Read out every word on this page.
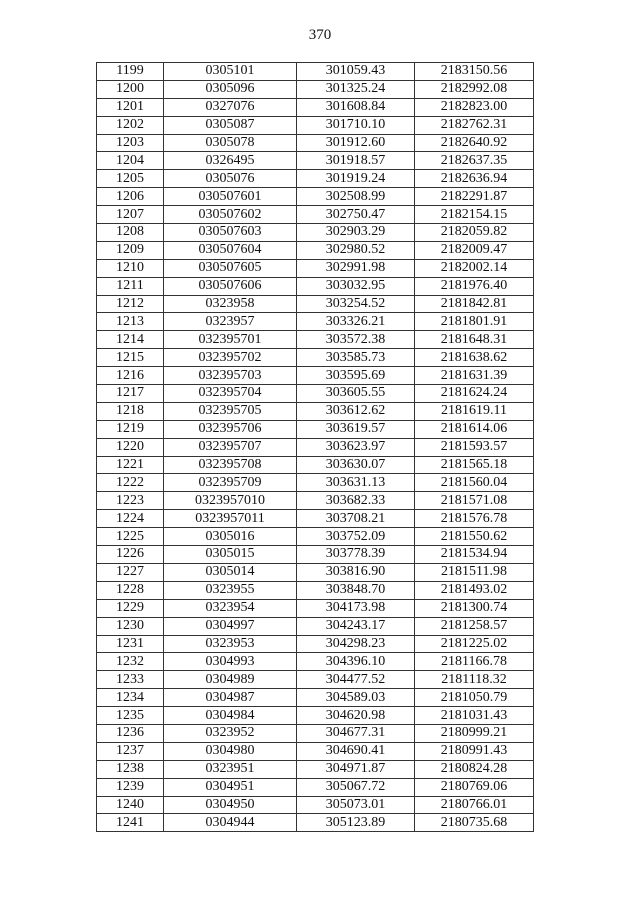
370
1199	0305101	301059.43	2183150.56
1200	0305096	301325.24	2182992.08
1201	0327076	301608.84	2182823.00
1202	0305087	301710.10	2182762.31
1203	0305078	301912.60	2182640.92
1204	0326495	301918.57	2182637.35
1205	0305076	301919.24	2182636.94
1206	030507601	302508.99	2182291.87
1207	030507602	302750.47	2182154.15
1208	030507603	302903.29	2182059.82
1209	030507604	302980.52	2182009.47
1210	030507605	302991.98	2182002.14
1211	030507606	303032.95	2181976.40
1212	0323958	303254.52	2181842.81
1213	0323957	303326.21	2181801.91
1214	032395701	303572.38	2181648.31
1215	032395702	303585.73	2181638.62
1216	032395703	303595.69	2181631.39
1217	032395704	303605.55	2181624.24
1218	032395705	303612.62	2181619.11
1219	032395706	303619.57	2181614.06
1220	032395707	303623.97	2181593.57
1221	032395708	303630.07	2181565.18
1222	032395709	303631.13	2181560.04
1223	0323957010	303682.33	2181571.08
1224	0323957011	303708.21	2181576.78
1225	0305016	303752.09	2181550.62
1226	0305015	303778.39	2181534.94
1227	0305014	303816.90	2181511.98
1228	0323955	303848.70	2181493.02
1229	0323954	304173.98	2181300.74
1230	0304997	304243.17	2181258.57
1231	0323953	304298.23	2181225.02
1232	0304993	304396.10	2181166.78
1233	0304989	304477.52	2181118.32
1234	0304987	304589.03	2181050.79
1235	0304984	304620.98	2181031.43
1236	0323952	304677.31	2180999.21
1237	0304980	304690.41	2180991.43
1238	0323951	304971.87	2180824.28
1239	0304951	305067.72	2180769.06
1240	0304950	305073.01	2180766.01
1241	0304944	305123.89	2180735.68
